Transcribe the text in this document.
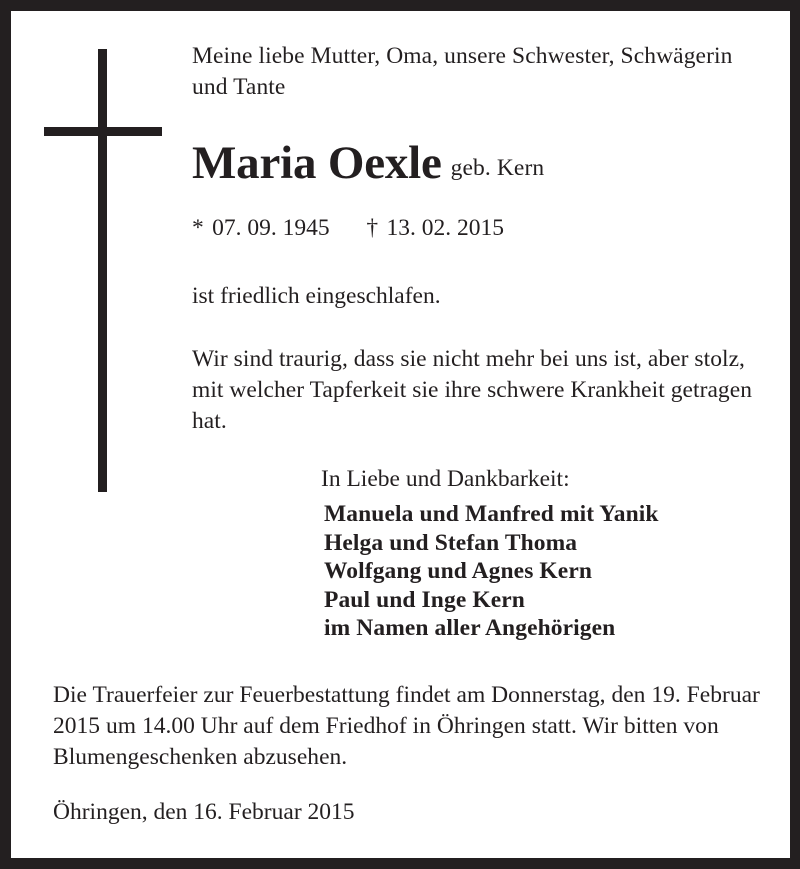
Meine liebe Mutter, Oma, unsere Schwester, Schwägerin und Tante
Maria Oexle geb. Kern
* 07. 09. 1945 † 13. 02. 2015
ist friedlich eingeschlafen.
Wir sind traurig, dass sie nicht mehr bei uns ist, aber stolz, mit welcher Tapferkeit sie ihre schwere Krankheit getragen hat.
In Liebe und Dankbarkeit:
Manuela und Manfred mit Yanik
Helga und Stefan Thoma
Wolfgang und Agnes Kern
Paul und Inge Kern
im Namen aller Angehörigen
Die Trauerfeier zur Feuerbestattung findet am Donnerstag, den 19. Februar 2015 um 14.00 Uhr auf dem Friedhof in Öhringen statt. Wir bitten von Blumengeschenken abzusehen.
Öhringen, den 16. Februar 2015
